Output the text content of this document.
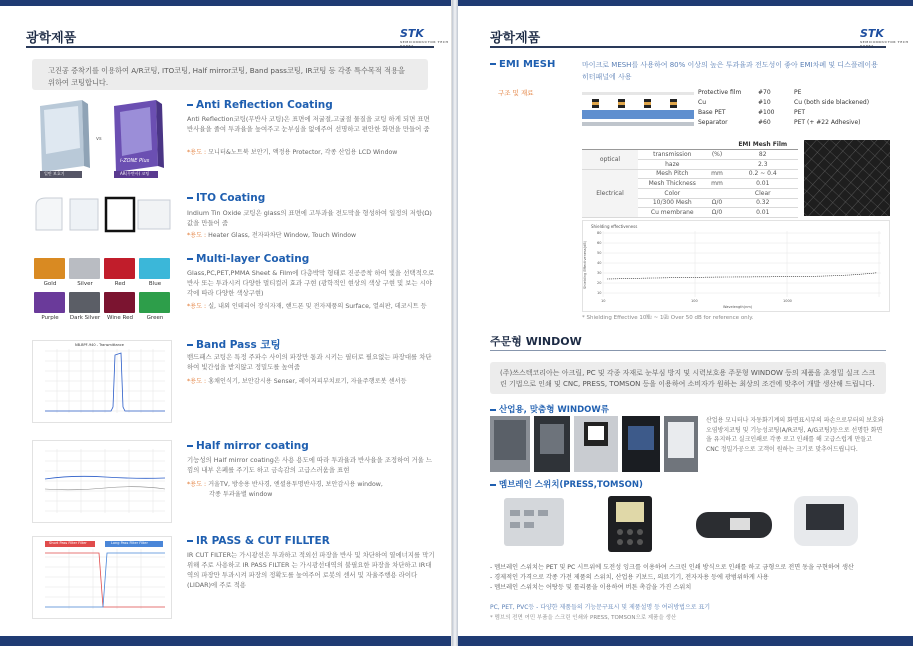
광학제품	STK
SEMICONDUCTOR TECH
고진공 증착기를 이용하여 A/R코팅, ITO코팅, Half mirror코팅, Band pass코팅, IR코팅 등 각종 특수목적 적용을 위하여 코팅합니다.
vs
i-ZONE Plus
일반 보호기	AR(무반사) 코팅
Anti Reflection Coating
Anti Reflection코팅(무반사 코팅)은 표면에 저굴절,고굴절 물질을 코팅 하게 되면 표면 반사율을 줄여 투과율을 높여주고 눈부심을 없애주어 선명하고 편안한 화면을 만들어 줌
*용도 : 모니터&노트북 보안기, 액정용 Protector, 각종 산업용 LCD Window
ITO Coating
Indium Tin Oxide 코팅은 glass의 표면에 고투과율 전도막을 형성하여 일정의 저항(Ω)값을 만들어 줌
*용도 : Heater Glass, 전자파차단 Window, Touch Window
Gold	Silver	Red	Blue
Purple	Dark Silver	Wine Red	Green
Multi-layer Coating
Glass,PC,PET,PMMA Sheet & Film에 다층박막 형태로 진공증착 하여 빛을 선택적으로 반사 또는 투과시켜 다양한 멀티컬러 효과 구현 (광학적인 현상의 색상 구현 및 보는 시야각에 따라 다양한 색상구현)
*용도 : 실, 내외 인테리어 장식자재, 핸드폰 및 전자제품의 Surface, 열쇠판, 데코시트 등
NB-BPF-940 - Transmittance	Band Pass 코팅
밴드패스 코팅은 특정 주파수 사이의 파장만 통과 시키는 필터로 필요없는 파장대를 차단하여 빛간섭을 받지않고 정밀도를 높여줌
*용도 : 홍채인식기, 보안감시용 Senser, 레이저피부치료기, 자율주행로봇 센서등
Half mirror coating
기능성의 Half mirror coating은 사용 용도에 따라 투과율과 반사율을 조정하여 거울 느낌의 내부 은폐를 주기도 하고 금속감의 고급스러움을 표현
*용도 : 거울TV, 방송용 반사경, 엔셜용투명반사경, 보안감시용 window,
각종 투과율별 window
Short Pass Filter Filter	Long Pass Filter Filter	IR PASS & CUT FILLTER
IR CUT FILTER는 가시광선은 투과하고 적외선 파장을 반사 및 차단하여 열에너지를 막기위해 주로 사용하고 IR PASS FILTER 는 가시광선대역의 불필요한 파장을 차단하고 IR대역의 파장만 투과시켜 파장의 정확도를 높여주어 로봇의 센서 및 자율주행용 라이다(LIDAR)에 주로 적용
광학제품	STK
SEMICONDUCTOR TECH
EMI MESH	마이크로 MESH를 사용하여 80% 이상의 높은 투과율과 전도성이 좋아 EMI차폐 및 디스플레이용 히터패널에 사용
구조 및 재료	Protective film	#70	PE
Cu	#10	Cu (both side blackened)
Base PET	#100	PET
Separator	#60	PET (+ #22 Adhesive)
			EMI Mesh Film
optical	transmission	(%)	82
	haze		2.3
Electrical	Mesh Pitch	mm	0.2 ~ 0.4
	Mesh Thickness	mm	0.01
	Color		Clear
	10/300 Mesh	Ω/0	0.32
	Cu membrane	Ω/0	0.01
Shielding effectiveness
Shielding Effectiveness(dB)
Wavelength(nm)
80
60
50
40
30
20
10
10	100	1000
* Shielding Effective 10㎒ ~ 1㎓ Over 50 dB for reference only.
주문형 WINDOW
(주)쓰스텍코리아는 아크릴, PC 및 각종 자재로 눈부심 방지 및 시력보호용 주문형 WINDOW 등의 제품을 초정밀 실크 스크린 기법으로 인쇄 및 CNC, PRESS, TOMSON 등을 이용하여 소비자가 원하는 최상의 조건에 맞추어 개발 생산해 드립니다.
산업용, 맞춤형 WINDOW류
산업용 모니터나 자동화기계의 화면표시부의 파손으로부터의 보호와 오염방지코팅 및 기능성코팅(A/R코팅, A/G코팅)등으로 선명한 화면을 유지하고 실크인쇄로 각종 로고 인쇄를 해 고급스럽게 만들고 CNC 정밀가공으로 고객이 원하는 크기로 맞추어드립니다.
멤브레인 스위치(PRESS,TOMSON)
- 멤브레인 스위치는 PET 및 PC 시트위에 도전성 잉크를 이용하여 스크린 인쇄 방식으로 인쇄를 하고 금형으로 전면 동을 구현하여 생산
- 경제적인 가격으로 각종 가전 제품의 스위치, 산업용 키보드, 의료기기, 전자자용 등에 광범위하게 사용
- 멤브레인 스위치는 어탕등 및 롤리품을 이용하여 버튼 촉감을 가진 스위치
PC, PET, PVC등 - 다양한 제품들의 기능문구표시 및 제품설명 등 여러방법으로 표기
* 멤브의 전면 여민 부품을 스크린 인쇄와 PRESS, TOMSON으로 제품을 생산
